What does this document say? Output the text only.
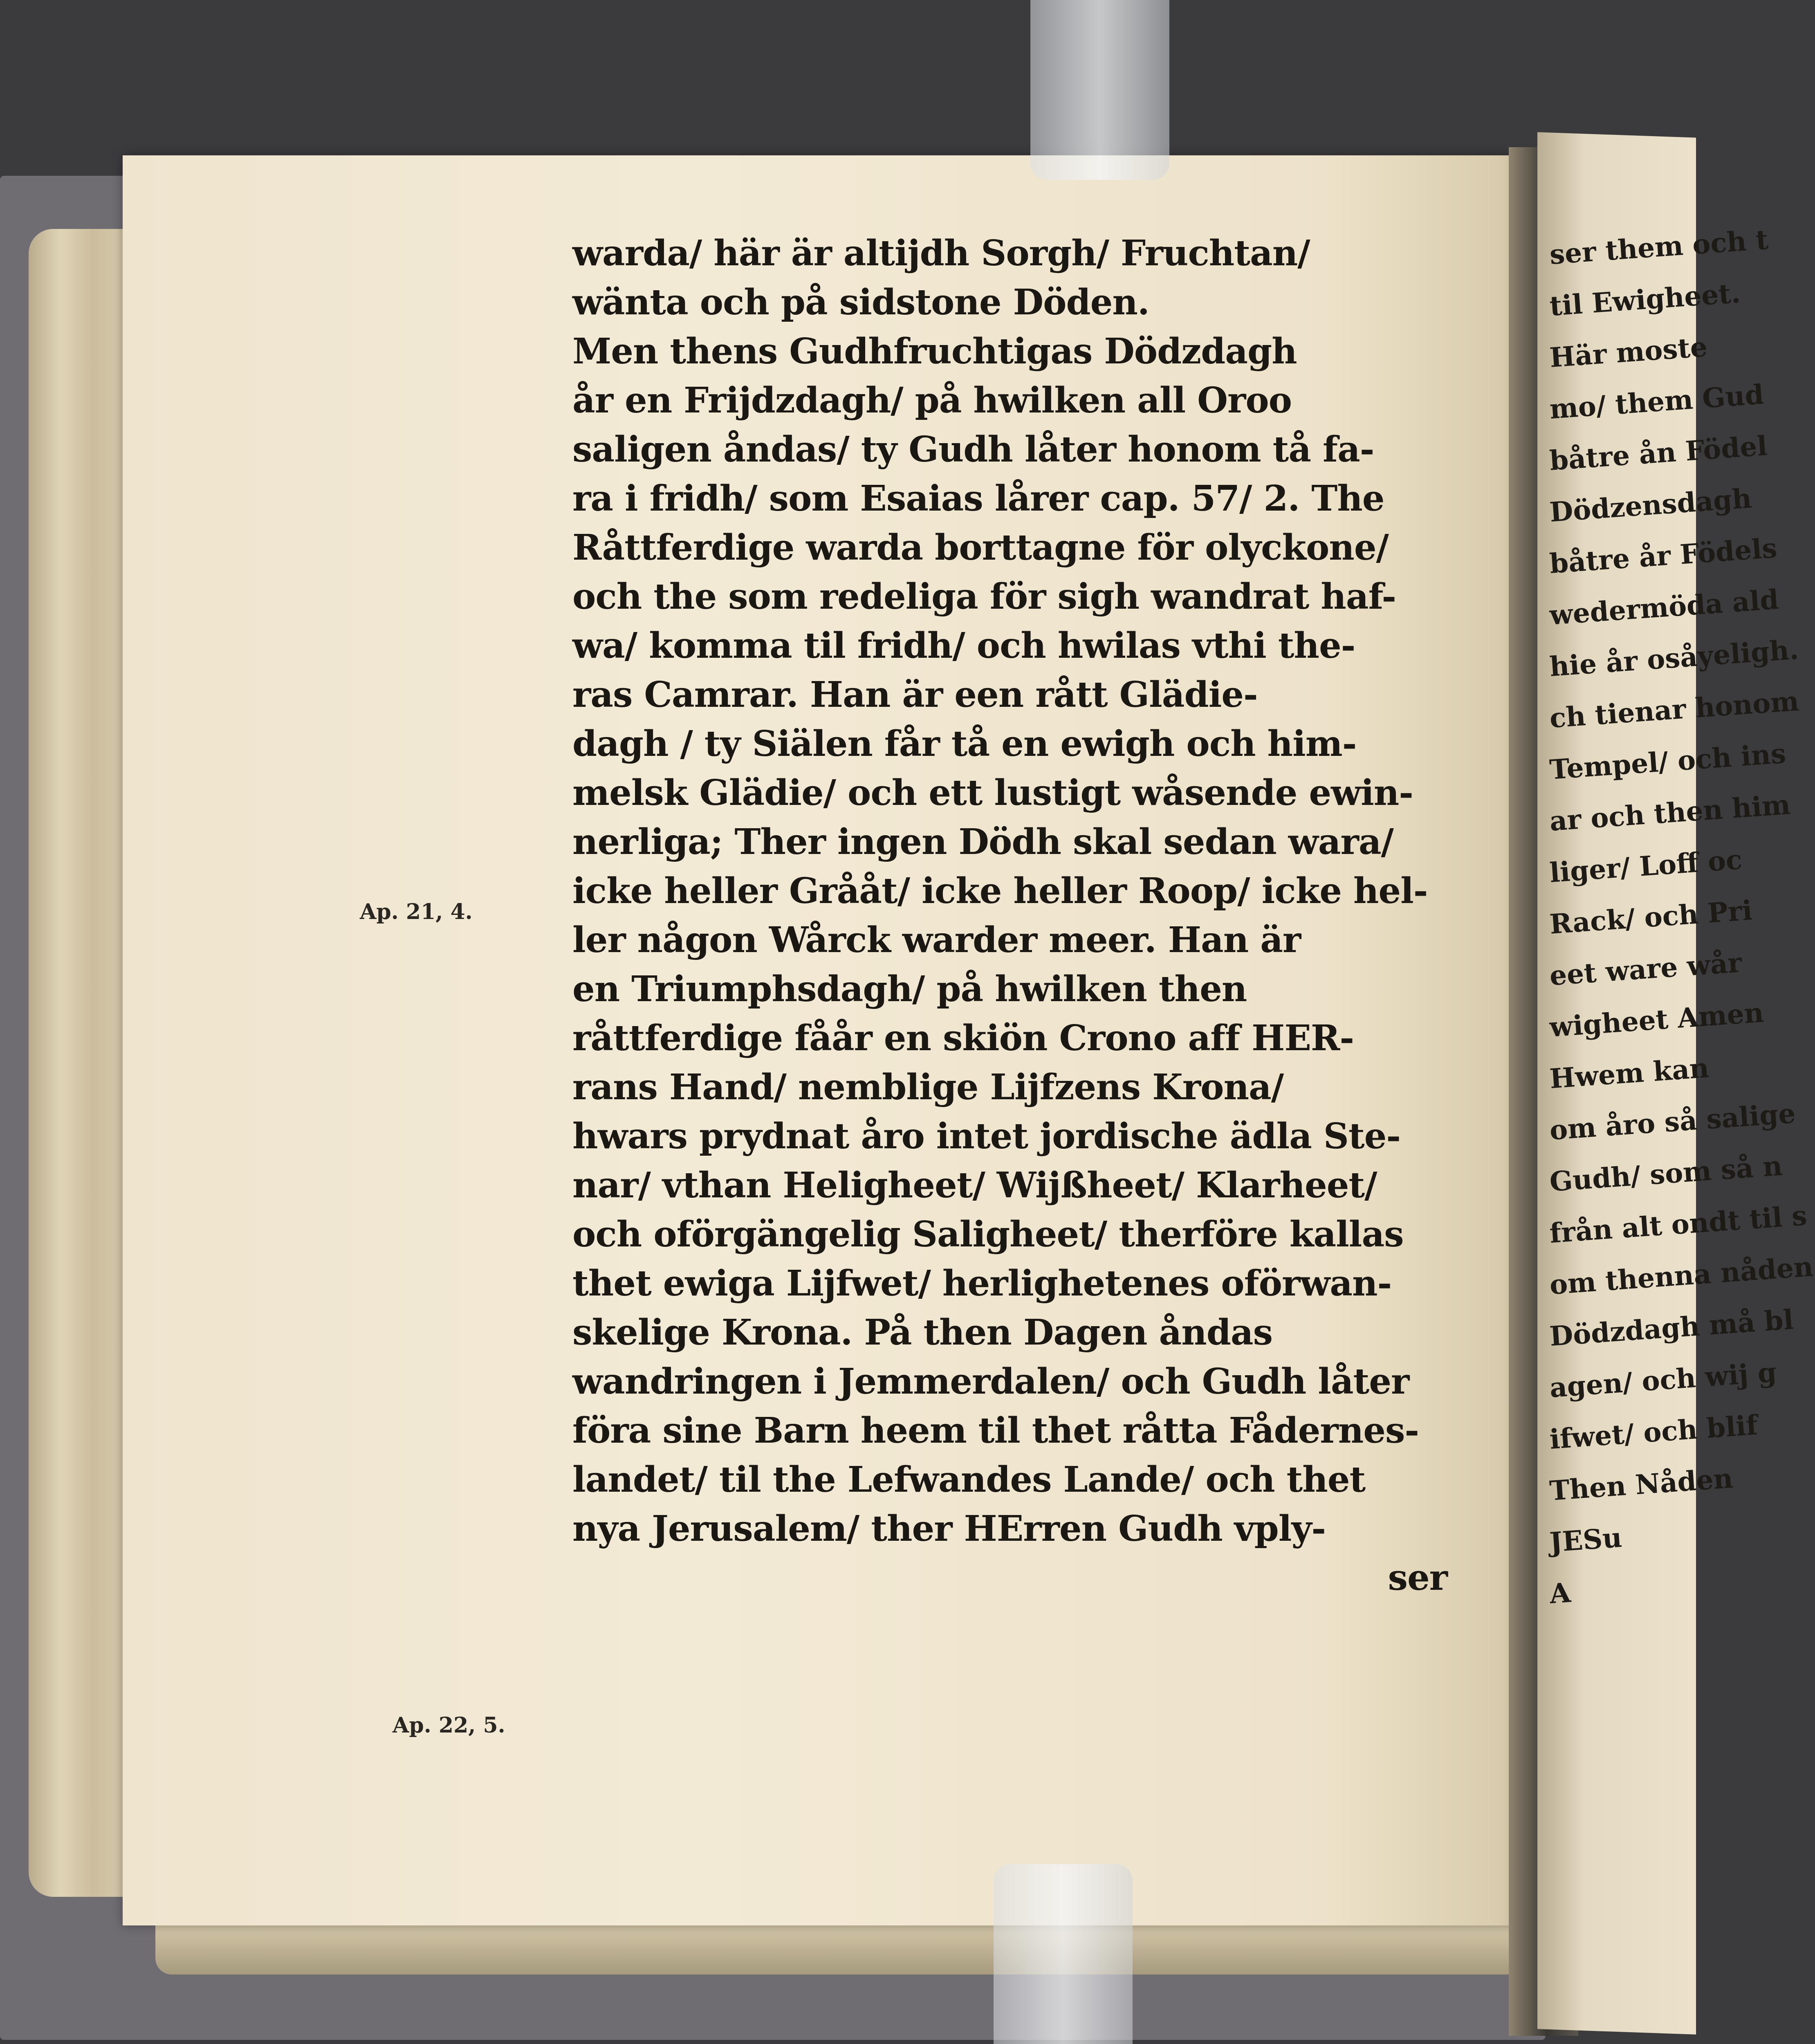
warda/ här är altijdh Sorgh/ Fruchtan/
wänta och på sidstone Döden.
Men thens Gudhfruchtigas Dödzdagh
år en Frijdzdagh/ på hwilken all Oroo
saligen åndas/ ty Gudh låter honom tå fa-
ra i fridh/ som Esaias lårer cap. 57/ 2. The
Råttferdige warda borttagne för olyckone/
och the som redeliga för sigh wandrat haf-
wa/ komma til fridh/ och hwilas vthi the-
ras Camrar. Han är een rått Glädie-
dagh / ty Siälen får tå en ewigh och him-
melsk Glädie/ och ett lustigt wåsende ewin-
nerliga; Ther ingen Dödh skal sedan wara/
icke heller Grååt/ icke heller Roop/ icke hel-
ler någon Wårck warder meer. Han är
en Triumphsdagh/ på hwilken then
råttferdige fåår en skiön Crono aff HER-
rans Hand/ nemblige Lijfzens Krona/
hwars prydnat åro intet jordische ädla Ste-
nar/ vthan Heligheet/ Wijßheet/ Klarheet/
och oförgängelig Saligheet/ therföre kallas
thet ewiga Lijfwet/ herlighetenes oförwan-
skelige Krona. På then Dagen åndas
wandringen i Jemmerdalen/ och Gudh låter
föra sine Barn heem til thet råtta Fådernes-
landet/ til the Lefwandes Lande/ och thet
nya Jerusalem/ ther HErren Gudh vply-
ser
Ap. 21, 4.
Ap. 22, 5.
ser them och t
til Ewigheet.
Här moste
mo/ them Gud
båtre ån Födel
Dödzensdagh
båtre år Födels
wedermöda ald
hie år osåyeligh.
ch tienar honom
Tempel/ och ins
ar och then him
liger/ Loff oc
Rack/ och Pri
eet ware wår
wigheet Amen
Hwem kan
om åro så salige
Gudh/ som så n
från alt ondt til s
om thenna nåden
Dödzdagh må bl
agen/ och wij g
ifwet/ och blif
Then Nåden
JESu
A
